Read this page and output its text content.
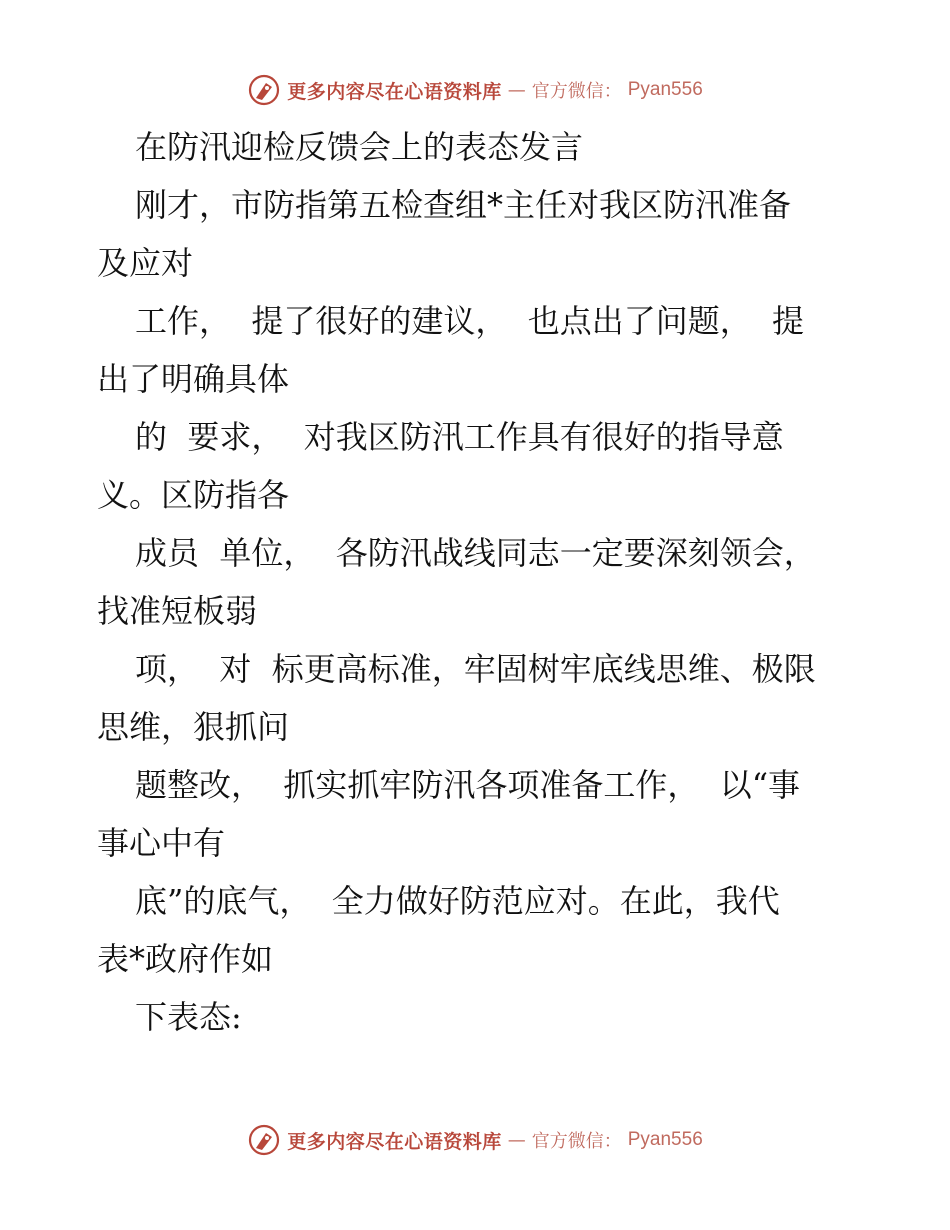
更多内容尽在心语资料库 — 官方微信： Pyan556
在防汛迎检反馈会上的表态发言
刚才，市防指第五检查组*主任对我区防汛准备
及应对
工作，  提了很好的建议，  也点出了问题，  提
出了明确具体
的  要求，  对我区防汛工作具有很好的指导意
义。区防指各
成员  单位，  各防汛战线同志一定要深刻领会，
找准短板弱
项，  对  标更高标准，牢固树牢底线思维、极限
思维，狠抓问
题整改，  抓实抓牢防汛各项准备工作，  以“事
事心中有
底”的底气，  全力做好防范应对。在此，我代
表*政府作如
下表态:
更多内容尽在心语资料库 — 官方微信： Pyan556
